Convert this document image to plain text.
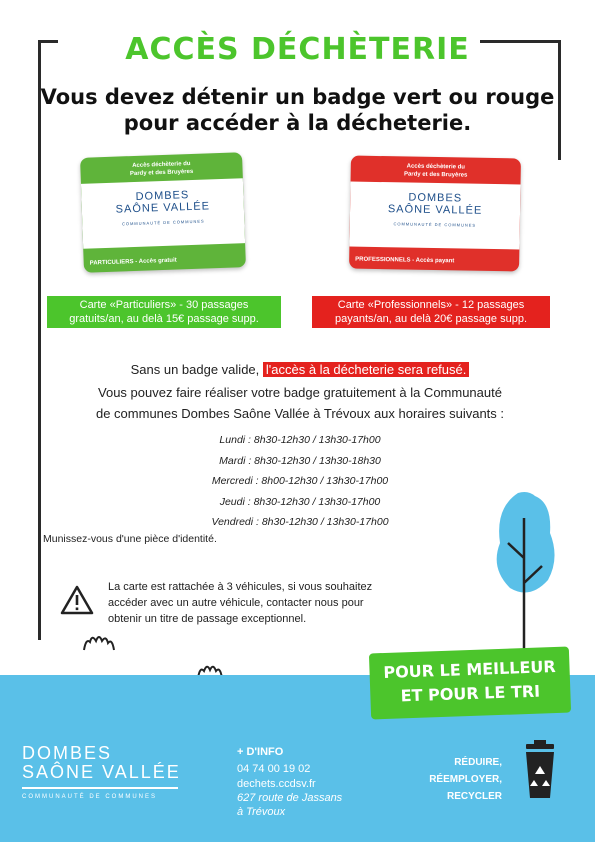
ACCÈS DÉCHÈTERIE
Vous devez détenir un badge vert ou rouge
pour accéder à la décheterie.
Accès déchèterie du
Pardy et des Bruyères
DOMBES
SAÔNE VALLÉE
COMMUNAUTÉ DE COMMUNES
PARTICULIERS - Accès gratuit
Accès déchèterie du
Pardy et des Bruyères
DOMBES
SAÔNE VALLÉE
COMMUNAUTÉ DE COMMUNES
PROFESSIONNELS - Accès payant
Carte «Particuliers» - 30 passages
gratuits/an, au delà 15€ passage supp.
Carte «Professionnels» - 12 passages
payants/an, au delà 20€ passage supp.
Sans un badge valide, l'accès à la décheterie sera refusé.
Vous pouvez faire réaliser votre badge gratuitement à la Communauté
de communes Dombes Saône Vallée à Trévoux aux horaires suivants :
Lundi : 8h30-12h30 / 13h30-17h00
Mardi : 8h30-12h30 / 13h30-18h30
Mercredi : 8h00-12h30 / 13h30-17h00
Jeudi : 8h30-12h30 / 13h30-17h00
Vendredi : 8h30-12h30 / 13h30-17h00
Munissez-vous d'une pièce d'identité.
La carte est rattachée à 3 véhicules, si vous souhaitez
accéder avec un autre véhicule, contacter nous pour
obtenir un titre de passage exceptionnel.
POUR LE MEILLEUR
ET POUR LE TRI
DOMBES
SAÔNE VALLÉE
COMMUNAUTÉ DE COMMUNES
+ D'INFO
04 74 00 19 02
dechets.ccdsv.fr
627 route de Jassans
à Trévoux
RÉDUIRE,
RÉEMPLOYER,
RECYCLER
